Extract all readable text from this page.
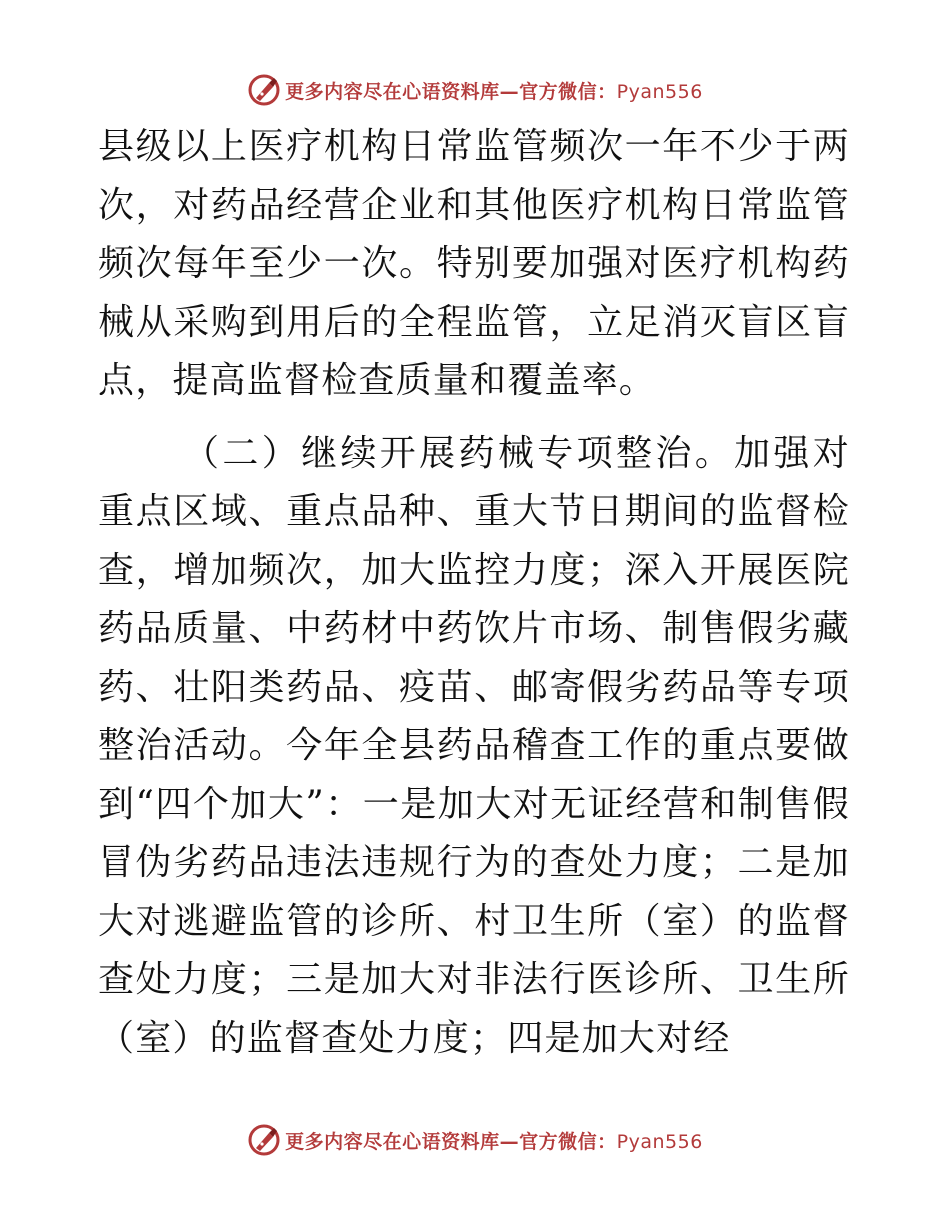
更多内容尽在心语资料库—官方微信：Pyan556

县级以上医疗机构日常监管频次一年不少于两次，对药品经营企业和其他医疗机构日常监管频次每年至少一次。特别要加强对医疗机构药械从采购到用后的全程监管，立足消灭盲区盲点，提高监督检查质量和覆盖率。

（二）继续开展药械专项整治。加强对重点区域、重点品种、重大节日期间的监督检查，增加频次，加大监控力度；深入开展医院药品质量、中药材中药饮片市场、制售假劣藏药、壮阳类药品、疫苗、邮寄假劣药品等专项整治活动。今年全县药品稽查工作的重点要做到“四个加大”：一是加大对无证经营和制售假冒伪劣药品违法违规行为的查处力度；二是加大对逃避监管的诊所、村卫生所（室）的监督查处力度；三是加大对非法行医诊所、卫生所（室）的监督查处力度；四是加大对经

更多内容尽在心语资料库—官方微信：Pyan556
